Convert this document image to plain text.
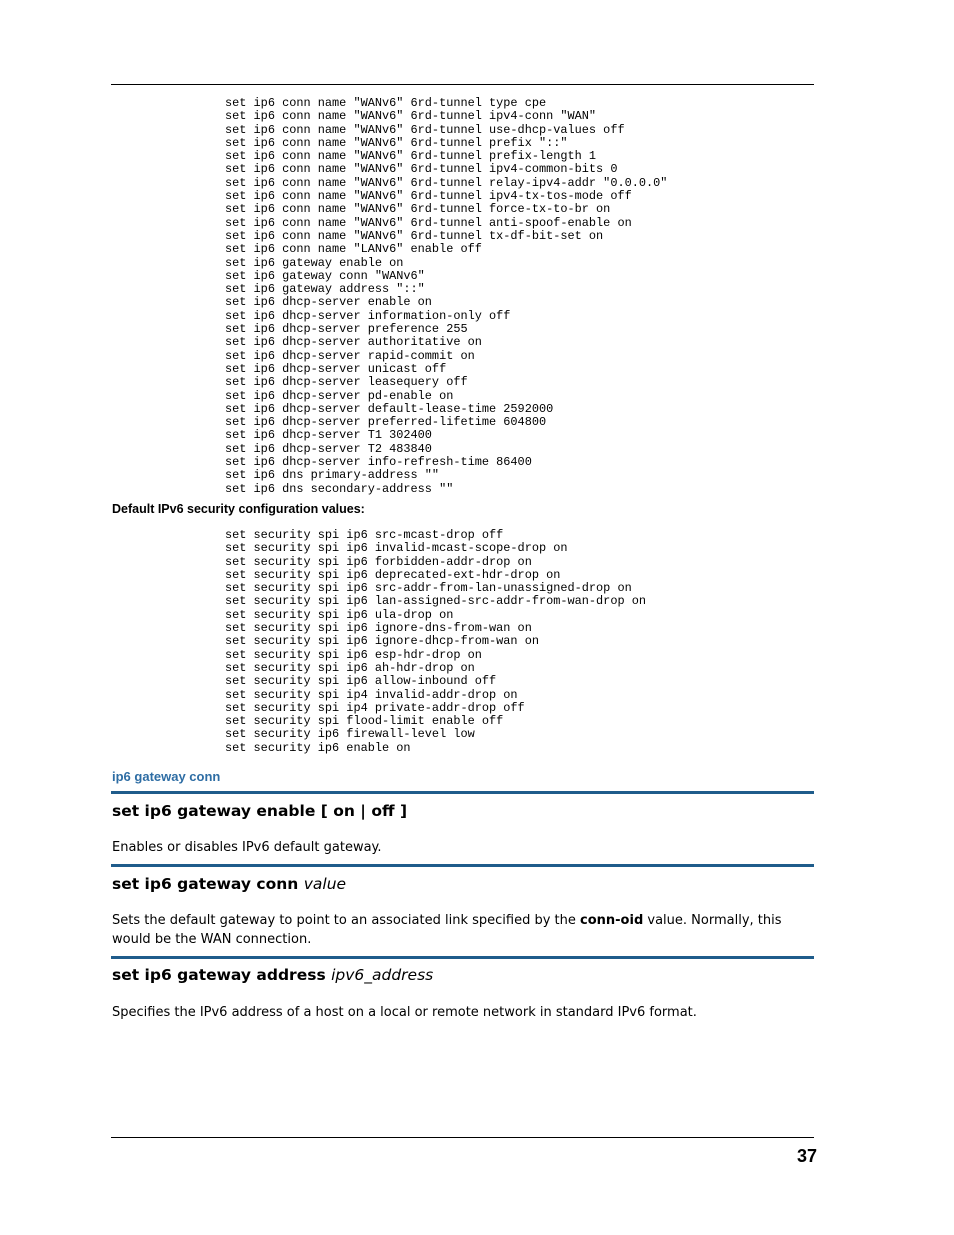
set ip6 conn name "WANv6" 6rd-tunnel type cpe
set ip6 conn name "WANv6" 6rd-tunnel ipv4-conn "WAN"
set ip6 conn name "WANv6" 6rd-tunnel use-dhcp-values off
set ip6 conn name "WANv6" 6rd-tunnel prefix "::"
set ip6 conn name "WANv6" 6rd-tunnel prefix-length 1
set ip6 conn name "WANv6" 6rd-tunnel ipv4-common-bits 0
set ip6 conn name "WANv6" 6rd-tunnel relay-ipv4-addr "0.0.0.0"
set ip6 conn name "WANv6" 6rd-tunnel ipv4-tx-tos-mode off
set ip6 conn name "WANv6" 6rd-tunnel force-tx-to-br on
set ip6 conn name "WANv6" 6rd-tunnel anti-spoof-enable on
set ip6 conn name "WANv6" 6rd-tunnel tx-df-bit-set on
set ip6 conn name "LANv6" enable off
set ip6 gateway enable on
set ip6 gateway conn "WANv6"
set ip6 gateway address "::"
set ip6 dhcp-server enable on
set ip6 dhcp-server information-only off
set ip6 dhcp-server preference 255
set ip6 dhcp-server authoritative on
set ip6 dhcp-server rapid-commit on
set ip6 dhcp-server unicast off
set ip6 dhcp-server leasequery off
set ip6 dhcp-server pd-enable on
set ip6 dhcp-server default-lease-time 2592000
set ip6 dhcp-server preferred-lifetime 604800
set ip6 dhcp-server T1 302400
set ip6 dhcp-server T2 483840
set ip6 dhcp-server info-refresh-time 86400
set ip6 dns primary-address ""
set ip6 dns secondary-address ""
Default IPv6 security configuration values:
set security spi ip6 src-mcast-drop off
set security spi ip6 invalid-mcast-scope-drop on
set security spi ip6 forbidden-addr-drop on
set security spi ip6 deprecated-ext-hdr-drop on
set security spi ip6 src-addr-from-lan-unassigned-drop on
set security spi ip6 lan-assigned-src-addr-from-wan-drop on
set security spi ip6 ula-drop on
set security spi ip6 ignore-dns-from-wan on
set security spi ip6 ignore-dhcp-from-wan on
set security spi ip6 esp-hdr-drop on
set security spi ip6 ah-hdr-drop on
set security spi ip6 allow-inbound off
set security spi ip4 invalid-addr-drop on
set security spi ip4 private-addr-drop off
set security spi flood-limit enable off
set security ip6 firewall-level low
set security ip6 enable on
ip6 gateway conn
set ip6 gateway enable [ on | off ]
Enables or disables IPv6 default gateway.
set ip6 gateway conn value
Sets the default gateway to point to an associated link specified by the conn-oid value. Normally, this would be the WAN connection.
set ip6 gateway address ipv6_address
Specifies the IPv6 address of a host on a local or remote network in standard IPv6 format.
37
